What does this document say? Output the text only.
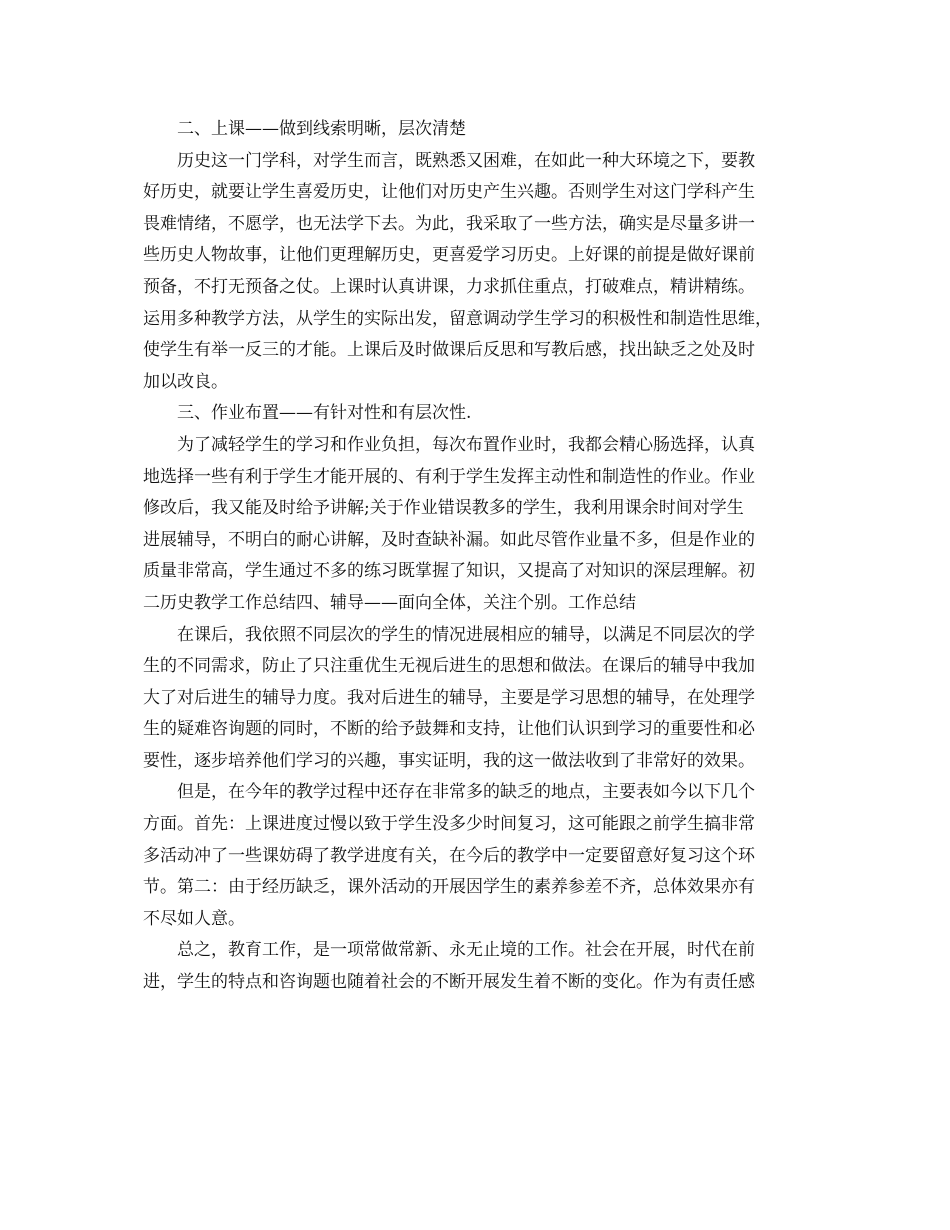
二、上课——做到线索明晰，层次清楚
历史这一门学科，对学生而言，既熟悉又困难，在如此一种大环境之下，要教
好历史，就要让学生喜爱历史，让他们对历史产生兴趣。否则学生对这门学科产生
畏难情绪，不愿学，也无法学下去。为此，我采取了一些方法，确实是尽量多讲一
些历史人物故事，让他们更理解历史，更喜爱学习历史。上好课的前提是做好课前
预备，不打无预备之仗。上课时认真讲课，力求抓住重点，打破难点，精讲精练。
运用多种教学方法，从学生的实际出发，留意调动学生学习的积极性和制造性思维，
使学生有举一反三的才能。上课后及时做课后反思和写教后感，找出缺乏之处及时
加以改良。
三、作业布置——有针对性和有层次性.
为了减轻学生的学习和作业负担，每次布置作业时，我都会精心肠选择，认真
地选择一些有利于学生才能开展的、有利于学生发挥主动性和制造性的作业。作业
修改后，我又能及时给予讲解;关于作业错误教多的学生，我利用课余时间对学生
进展辅导，不明白的耐心讲解，及时查缺补漏。如此尽管作业量不多，但是作业的
质量非常高，学生通过不多的练习既掌握了知识，又提高了对知识的深层理解。初
二历史教学工作总结四、辅导——面向全体，关注个别。工作总结
在课后，我依照不同层次的学生的情况进展相应的辅导，以满足不同层次的学
生的不同需求，防止了只注重优生无视后进生的思想和做法。在课后的辅导中我加
大了对后进生的辅导力度。我对后进生的辅导，主要是学习思想的辅导，在处理学
生的疑难咨询题的同时，不断的给予鼓舞和支持，让他们认识到学习的重要性和必
要性，逐步培养他们学习的兴趣，事实证明，我的这一做法收到了非常好的效果。
但是，在今年的教学过程中还存在非常多的缺乏的地点，主要表如今以下几个
方面。首先：上课进度过慢以致于学生没多少时间复习，这可能跟之前学生搞非常
多活动冲了一些课妨碍了教学进度有关，在今后的教学中一定要留意好复习这个环
节。第二：由于经历缺乏，课外活动的开展因学生的素养参差不齐，总体效果亦有
不尽如人意。
总之，教育工作，是一项常做常新、永无止境的工作。社会在开展，时代在前
进，学生的特点和咨询题也随着社会的不断开展发生着不断的变化。作为有责任感
